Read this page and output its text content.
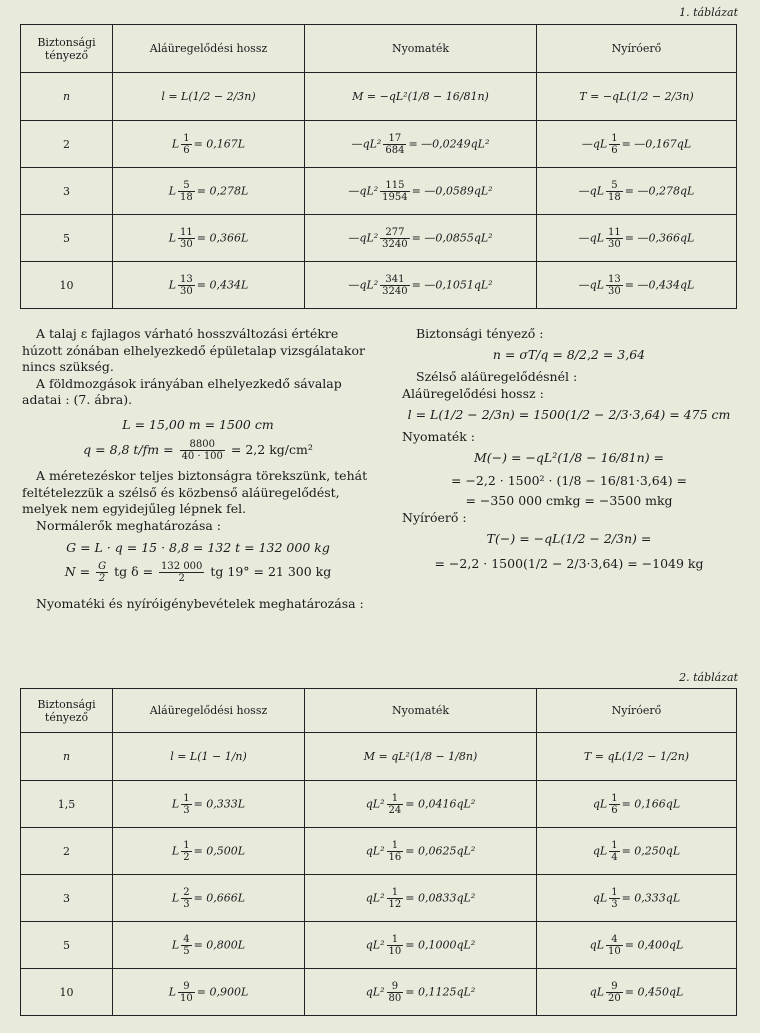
1. táblázat
Biztonsági tényező	Aláüregelődési hossz	Nyomaték	Nyíróerő
n	l = L(1/2 − 2/3n)	M = −qL²(1/8 − 16/81n)	T = −qL(1/2 − 2/3n)
2	L $\frac{1}{6} = 0,167L$	—qL² $\frac{17}{684}$ = —0,0249qL²	—qL $\frac{1}{6}$ = —0,167qL
3	L $\frac{5}{18} = 0,278L$	—qL² $\frac{115}{1954}$ = —0,0589qL²	—qL $\frac{5}{18}$ = —0,278qL
5	L $\frac{11}{30} = 0,366L$	—qL² $\frac{277}{3240}$ = —0,0855qL²	—qL $\frac{11}{30}$ = —0,366qL
10	L $\frac{13}{30} = 0,434L$	—qL² $\frac{341}{3240}$ = —0,1051qL²	—qL $\frac{13}{30}$ = —0,434qL

A talaj ε fajlagos várható hosszváltozási értékre húzott zónában elhelyezkedő épületalap vizsgálatakor nincs szükség.

A földmozgások irányában elhelyezkedő sávalap adatai : (7. ábra).

L = 15,00 m = 1500 cm

q = 8,8 $t/fm = \frac{8800}{40 \cdot 100} = 2,2$ kg/cm²

A méretezéskor teljes biztonságra törekszünk, tehát feltételezzük a szélső és közbenső aláüregelődést, melyek nem egyidejűleg lépnek fel.

Normálerők meghatározása :

G = L · q = 15 · 8,8 = 132 t = 132 000 kg

$N = \frac{G}{2}$ tg $\delta = \frac{132 000}{2}$ tg 19° = 21 300 kg

Nyomatéki és nyíróigénybevételek meghatározása :

Biztonsági tényező :

n = σT/q = 8/2,2 = 3,64

Szélső aláüregelődésnél :

Aláüregelődési hossz :

l = L(1/2 − 2/3n) = 1500(1/2 − 2/3·3,64) = 475 cm

Nyomaték :

M(−) = −qL²(1/8 − 16/81n) =

= −2,2 · 1500² · (1/8 − 16/81·3,64) =

= −350 000 cmkg = −3500 mkg

Nyíróerő :

T(−) = −qL(1/2 − 2/3n) =

= −2,2 · 1500(1/2 − 2/3·3,64) = −1049 kg

2. táblázat
Biztonsági tényező	Aláüregelődési hossz	Nyomaték	Nyíróerő
n	l = L(1 − 1/n)	M = qL²(1/8 − 1/8n)	T = qL(1/2 − 1/2n)
1,5	L $\frac{1}{3} = 0,333L$	$qL^2 \frac{1}{24} = 0,0416qL^2$	qL $\frac{1}{6} = 0,166qL$
2	L $\frac{1}{2} = 0,500L$	$qL^2 \frac{1}{16} = 0,0625qL^2$	qL $\frac{1}{4} = 0,250qL$
3	L $\frac{2}{3} = 0,666L$	$qL^2 \frac{1}{12} = 0,0833qL^2$	qL $\frac{1}{3} = 0,333qL$
5	L $\frac{4}{5} = 0,800L$	$qL^2 \frac{1}{10} = 0,1000qL^2$	qL $\frac{4}{10} = 0,400qL$
10	L $\frac{9}{10} = 0,900L$	$qL^2 \frac{9}{80} = 0,1125qL^2$	qL $\frac{9}{20} = 0,450qL$
